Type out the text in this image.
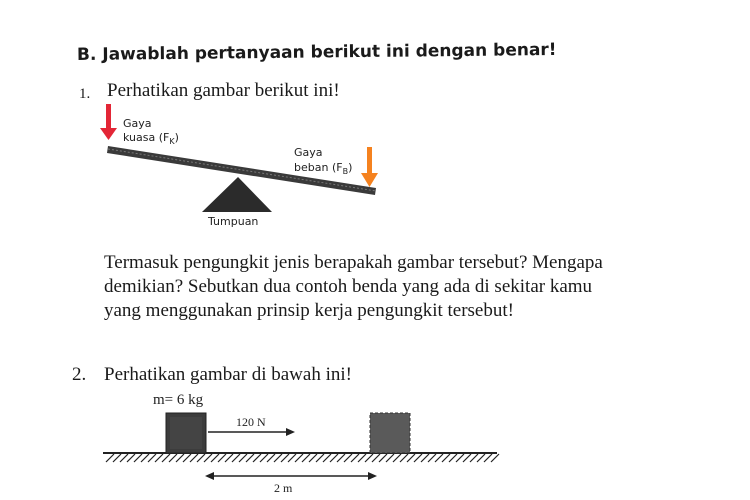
B. Jawablah pertanyaan berikut ini dengan benar!
1. Perhatikan gambar berikut ini!
Gaya
kuasa $(F_K)$
Gaya
beban $(F_B)$
Tumpuan
Termasuk pengungkit jenis berapakah gambar tersebut? Mengapa
demikian? Sebutkan dua contoh benda yang ada di sekitar kamu
yang menggunakan prinsip kerja pengungkit tersebut!
2. Perhatikan gambar di bawah ini!
m= 6 kg
120 N
2 m
